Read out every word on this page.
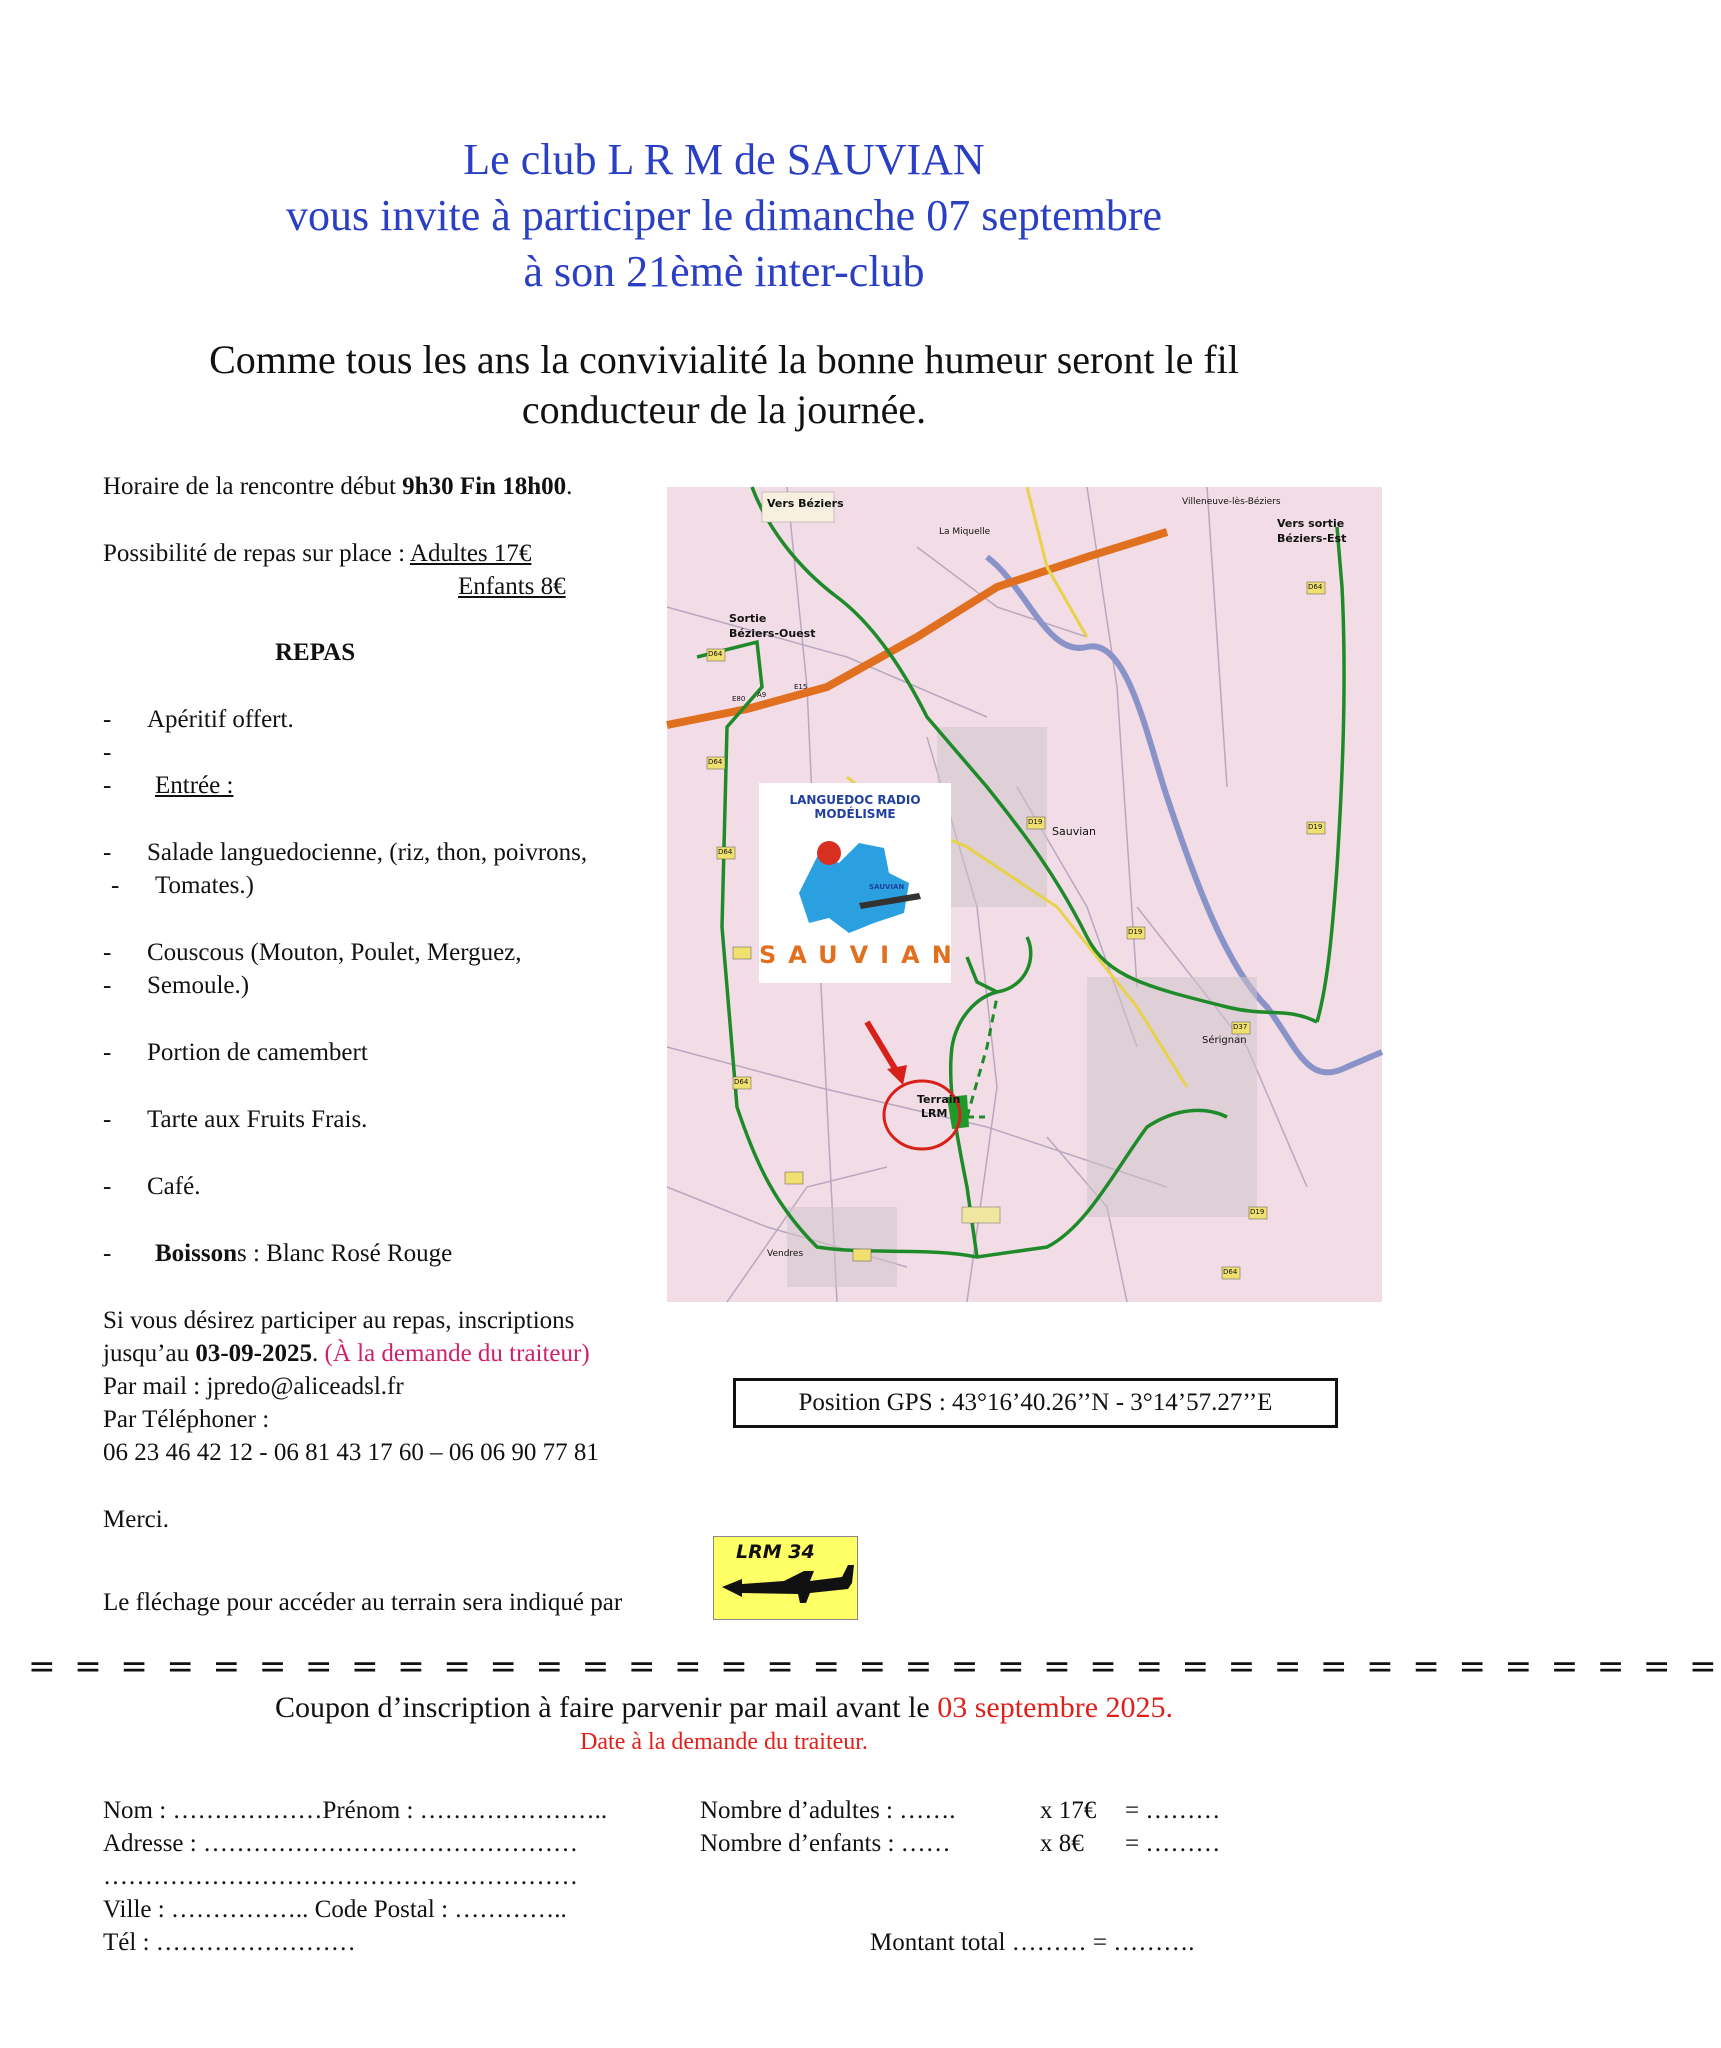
Le club L R M de SAUVIAN
vous invite à participer le dimanche 07 septembre
à son 21èmè inter-club
Comme tous les ans la convivialité la bonne humeur seront le fil
conducteur de la journée.
Horaire de la rencontre début 9h30 Fin 18h00.
Possibilité de repas sur place : Adultes 17€
Enfants 8€
REPAS
- Apéritif offert.
-
- Entrée :
- Salade languedocienne, (riz, thon, poivrons,
- Tomates.)
- Couscous (Mouton, Poulet, Merguez,
- Semoule.)
- Portion de camembert
- Tarte aux Fruits Frais.
- Café.
- Boissons : Blanc Rosé Rouge
Si vous désirez participer au repas, inscriptions
jusqu’au 03-09-2025. (À la demande du traiteur)
Par mail : jpredo@aliceadsl.fr
Par Téléphoner :
06 23 46 42 12 - 06 81 43 17 60 – 06 06 90 77 81
Merci.
Le fléchage pour accéder au terrain sera indiqué par
LRM 34
Vers Béziers	Villeneuve-lès-Béziers
Vers sortie
Béziers-Est
La Miquelle
Sortie
Béziers-Ouest
Sauvian
Sérignan
Vendres
Terrain
LRM
D64
D64
D64
D19
D19
D19
D37
D64
D64
A9
E80
E15
D64
D19
LANGUEDOC RADIO MODÉLISME
SAUVIAN
SAUVIAN
Position GPS : 43°16’40.26’’N - 3°14’57.27’’E
= = = = = = = = = = = = = = = = = = = = = = = = = = = = = = = = = = = = =
Coupon d’inscription à faire parvenir par mail avant le 03 septembre 2025.
Date à la demande du traiteur.
Nom : ………………Prénom : …………………..
Adresse : ………………………………………
…………………………………………………
Ville : …………….. Code Postal : …………..
Tél : ……………………
Nombre d’adultes : …….
Nombre d’enfants : ……
x 17€
x 8€
= ………
= ………
Montant total ……… = ……….
